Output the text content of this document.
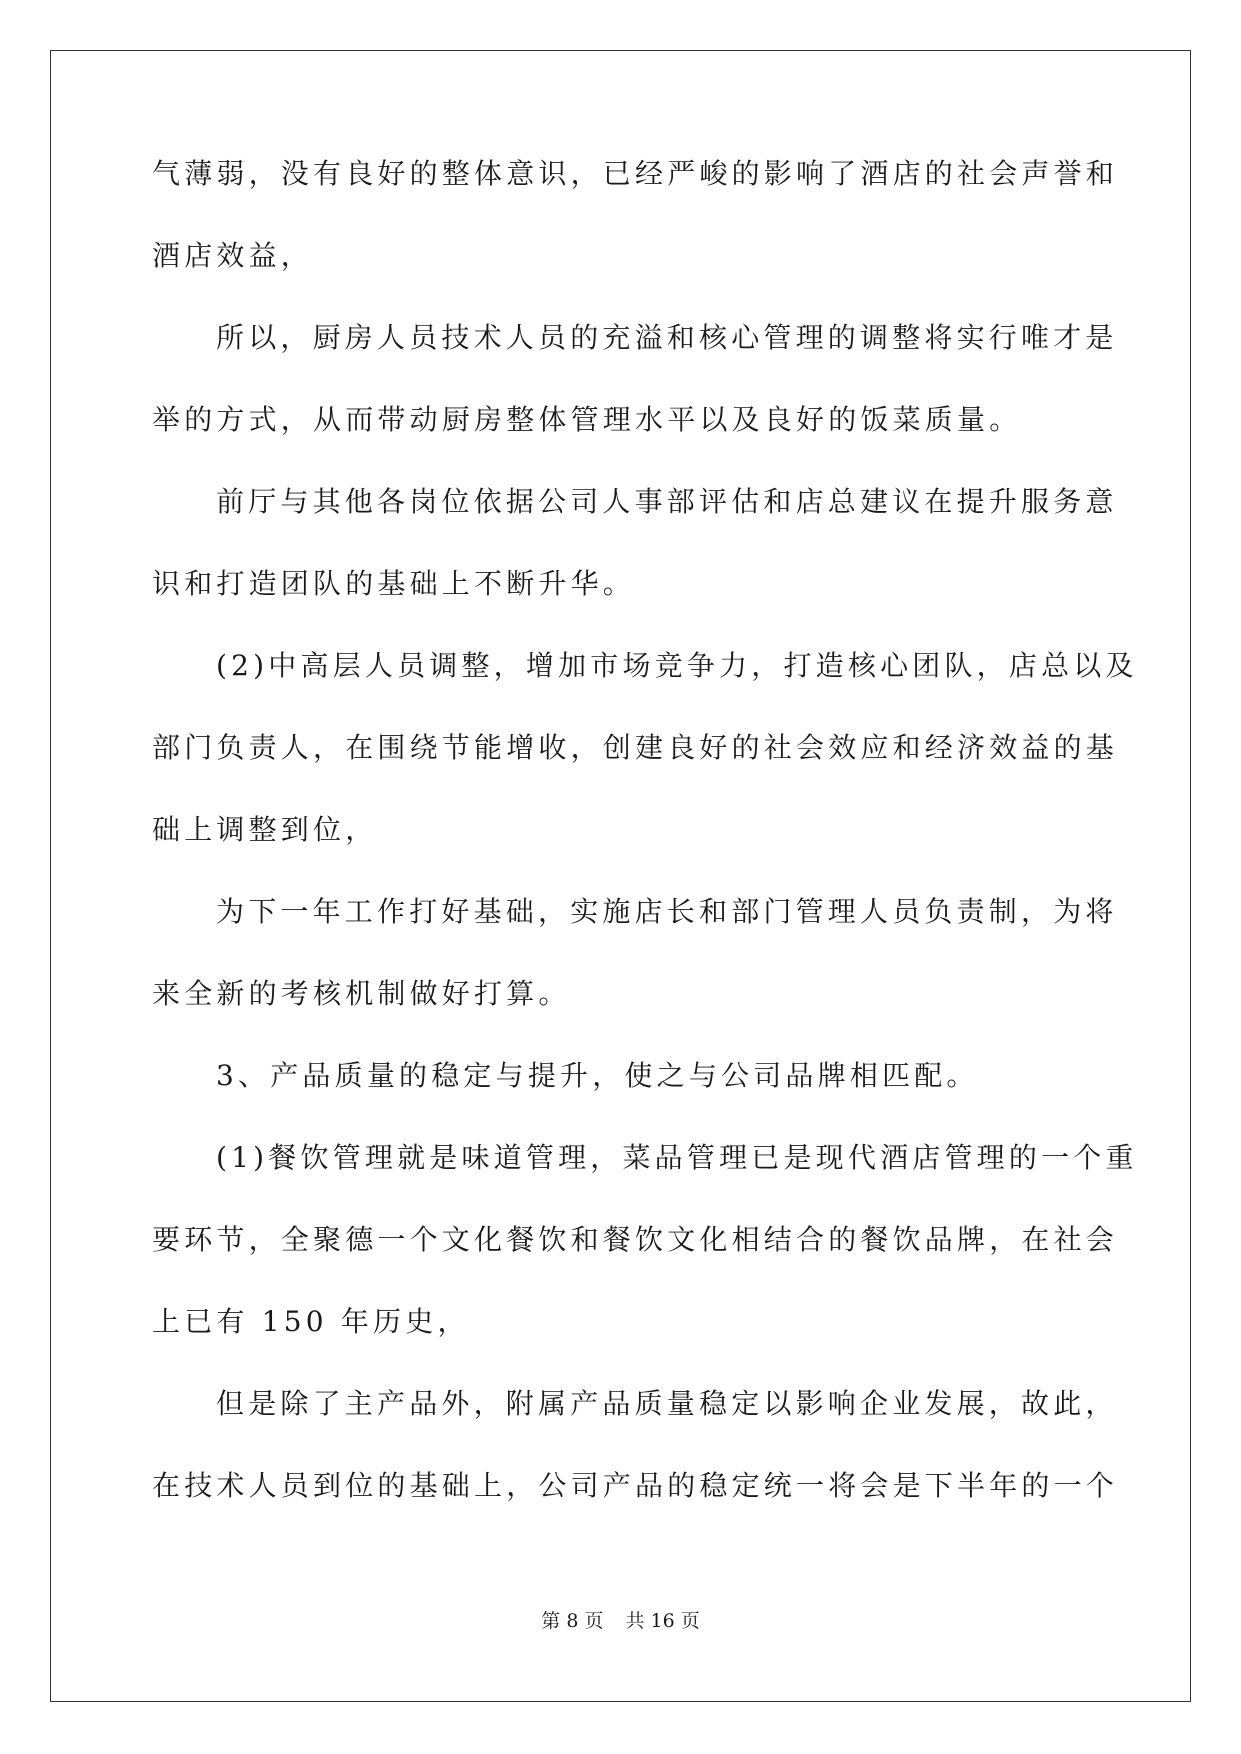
气薄弱，没有良好的整体意识，已经严峻的影响了酒店的社会声誉和
酒店效益，
所以，厨房人员技术人员的充溢和核心管理的调整将实行唯才是
举的方式，从而带动厨房整体管理水平以及良好的饭菜质量。
前厅与其他各岗位依据公司人事部评估和店总建议在提升服务意
识和打造团队的基础上不断升华。
(2)中高层人员调整，增加市场竞争力，打造核心团队，店总以及
部门负责人，在围绕节能增收，创建良好的社会效应和经济效益的基
础上调整到位，
为下一年工作打好基础，实施店长和部门管理人员负责制，为将
来全新的考核机制做好打算。
3、产品质量的稳定与提升，使之与公司品牌相匹配。
(1)餐饮管理就是味道管理，菜品管理已是现代酒店管理的一个重
要环节，全聚德一个文化餐饮和餐饮文化相结合的餐饮品牌，在社会
上已有 150 年历史，
但是除了主产品外，附属产品质量稳定以影响企业发展，故此，
在技术人员到位的基础上，公司产品的稳定统一将会是下半年的一个
第 8 页 共 16 页
